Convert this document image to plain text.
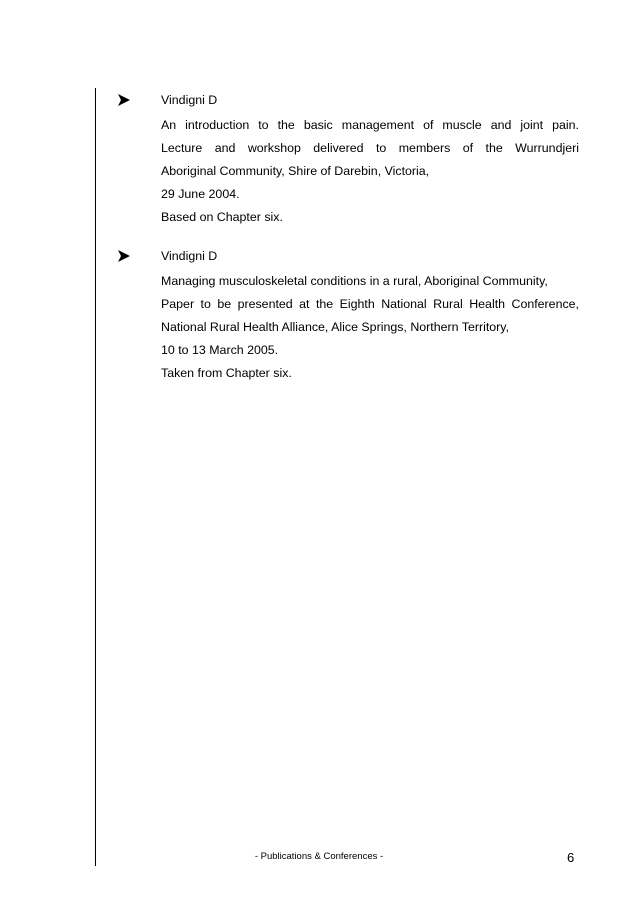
Vindigni D
An introduction to the basic management of muscle and joint pain.
Lecture and workshop delivered to members of the Wurrundjeri
Aboriginal Community, Shire of Darebin, Victoria,
29 June 2004.
Based on Chapter six.
Vindigni D
Managing musculoskeletal conditions in a rural, Aboriginal Community,
Paper to be presented at the Eighth National Rural Health Conference,
National Rural Health Alliance, Alice Springs, Northern Territory,
10 to 13 March 2005.
Taken from Chapter six.
- Publications & Conferences -	6
